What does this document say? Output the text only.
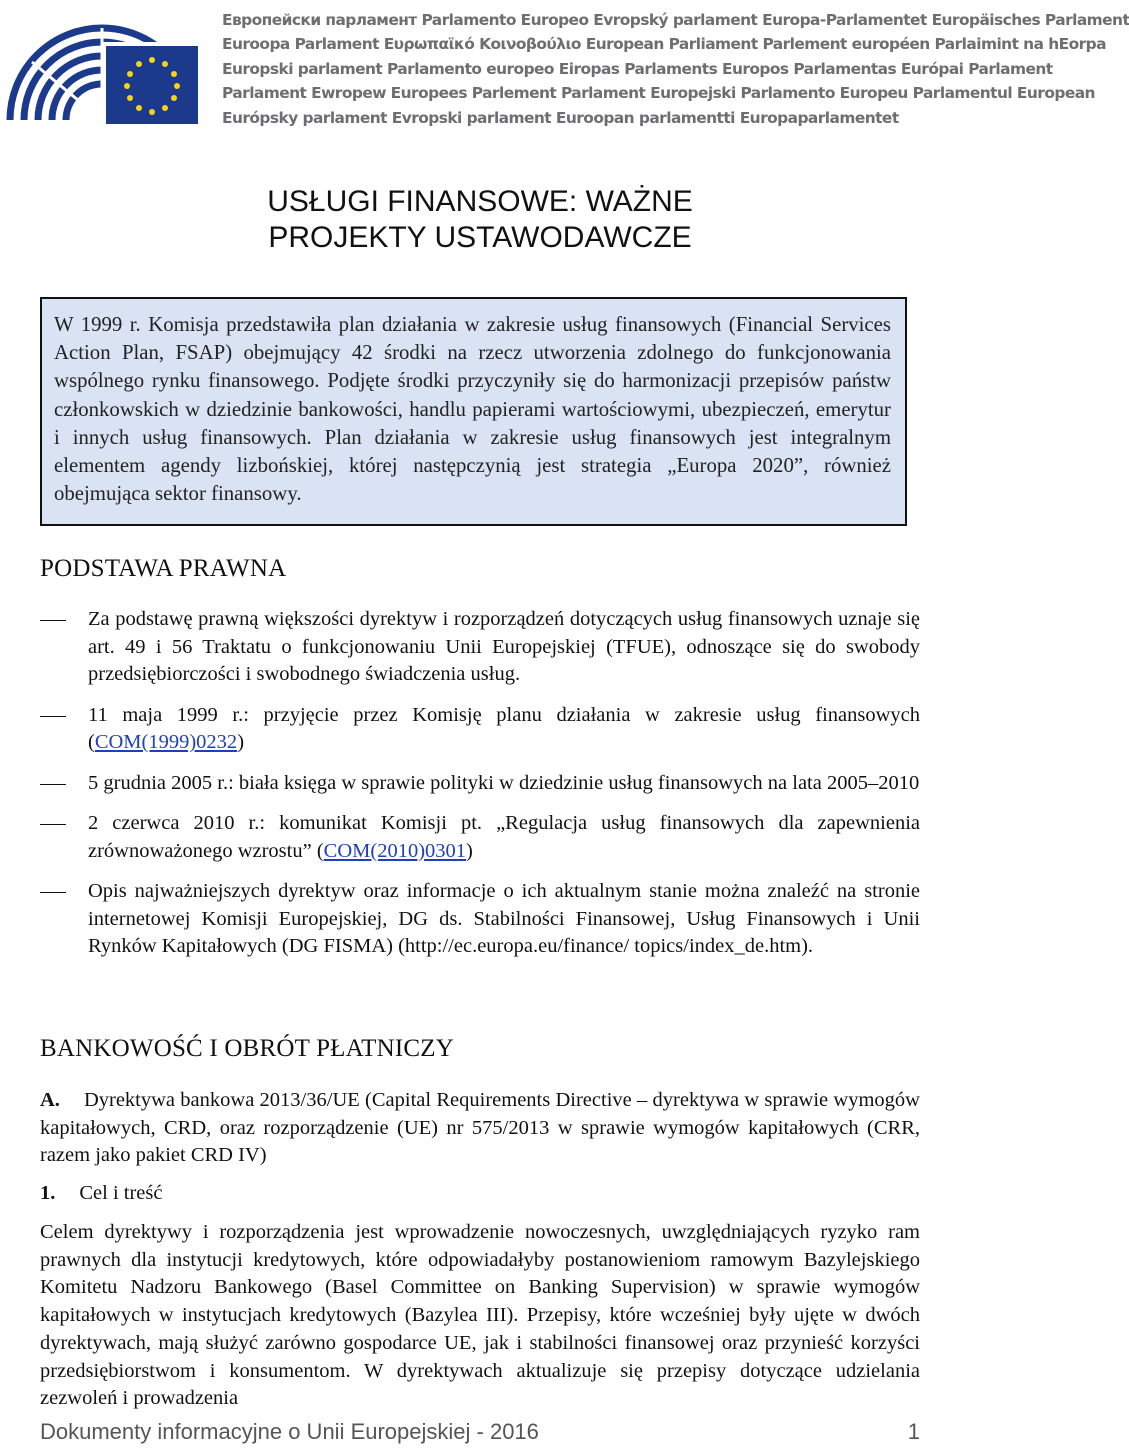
Европейски парламент Parlamento Europeo Evropský parlament Europa-Parlamentet Europäisches Parlament
Euroopa Parlament Ευρωπαϊκό Κοινοβούλιο European Parliament Parlement européen Parlaimint na hEorpa
Europski parlament Parlamento europeo Eiropas Parlaments Europos Parlamentas Európai Parlament
Parlament Ewropew Europees Parlement Parlament Europejski Parlamento Europeu Parlamentul European
Európsky parlament Evropski parlament Euroopan parlamentti Europaparlamentet
USŁUGI FINANSOWE: WAŻNE
PROJEKTY USTAWODAWCZE
W 1999 r. Komisja przedstawiła plan działania w zakresie usług finansowych (Financial Services Action Plan, FSAP) obejmujący 42 środki na rzecz utworzenia zdolnego do funkcjonowania wspólnego rynku finansowego. Podjęte środki przyczyniły się do harmonizacji przepisów państw członkowskich w dziedzinie bankowości, handlu papierami wartościowymi, ubezpieczeń, emerytur i innych usług finansowych. Plan działania w zakresie usług finansowych jest integralnym elementem agendy lizbońskiej, której następczynią jest strategia „Europa 2020”, również obejmująca sektor finansowy.
PODSTAWA PRAWNA
Za podstawę prawną większości dyrektyw i rozporządzeń dotyczących usług finansowych uznaje się art. 49 i 56 Traktatu o funkcjonowaniu Unii Europejskiej (TFUE), odnoszące się do swobody przedsiębiorczości i swobodnego świadczenia usług.
11 maja 1999 r.: przyjęcie przez Komisję planu działania w zakresie usług finansowych (COM(1999)0232)
5 grudnia 2005 r.: biała księga w sprawie polityki w dziedzinie usług finansowych na lata 2005–2010
2 czerwca 2010 r.: komunikat Komisji pt. „Regulacja usług finansowych dla zapewnienia zrównoważonego wzrostu” (COM(2010)0301)
Opis najważniejszych dyrektyw oraz informacje o ich aktualnym stanie można znaleźć na stronie internetowej Komisji Europejskiej, DG ds. Stabilności Finansowej, Usług Finansowych i Unii Rynków Kapitałowych (DG FISMA) (http://ec.europa.eu/finance/ topics/index_de.htm).
BANKOWOŚĆ I OBRÓT PŁATNICZY
A. Dyrektywa bankowa 2013/36/UE (Capital Requirements Directive – dyrektywa w sprawie wymogów kapitałowych, CRD, oraz rozporządzenie (UE) nr 575/2013 w sprawie wymogów kapitałowych (CRR, razem jako pakiet CRD IV)
1. Cel i treść
Celem dyrektywy i rozporządzenia jest wprowadzenie nowoczesnych, uwzględniających ryzyko ram prawnych dla instytucji kredytowych, które odpowiadałyby postanowieniom ramowym Bazylejskiego Komitetu Nadzoru Bankowego (Basel Committee on Banking Supervision) w sprawie wymogów kapitałowych w instytucjach kredytowych (Bazylea III). Przepisy, które wcześniej były ujęte w dwóch dyrektywach, mają służyć zarówno gospodarce UE, jak i stabilności finansowej oraz przynieść korzyści przedsiębiorstwom i konsumentom. W dyrektywach aktualizuje się przepisy dotyczące udzielania zezwoleń i prowadzenia
Dokumenty informacyjne o Unii Europejskiej - 2016	1
